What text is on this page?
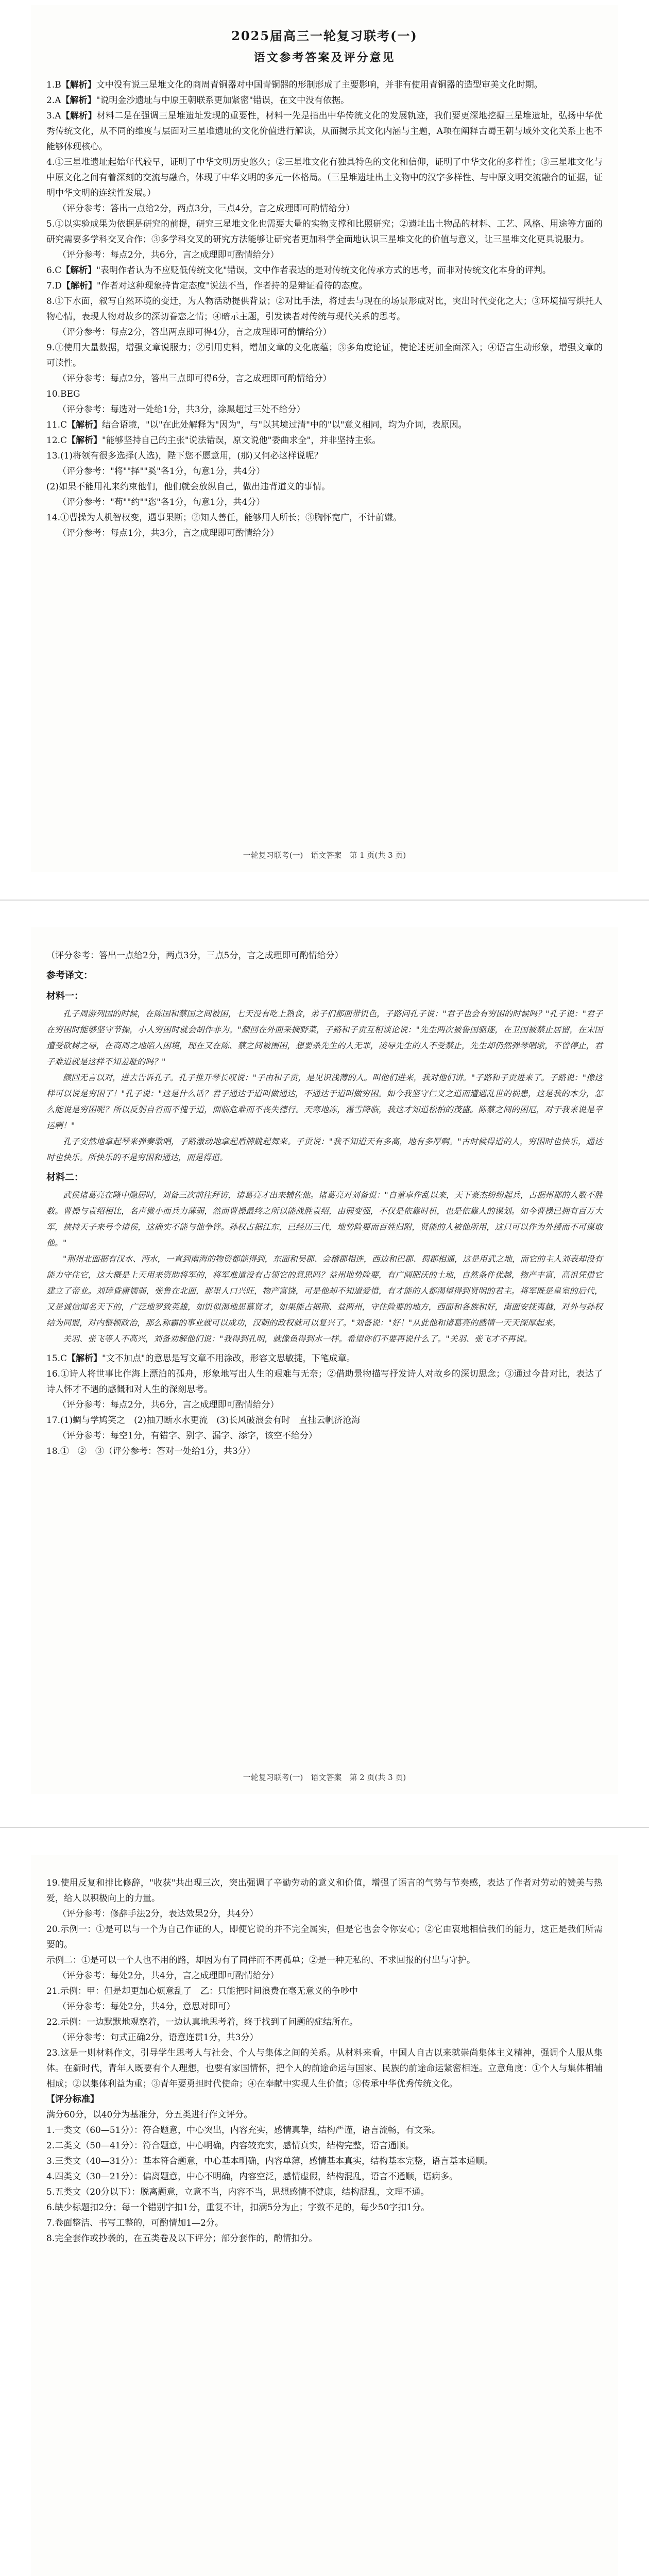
2025届高三一轮复习联考(一)
语文参考答案及评分意见

1.B【解析】文中没有说三星堆文化的商周青铜器对中国青铜器的形制形成了主要影响，并非有使用青铜器的造型审美文化时期。

2.A【解析】"说明金沙遗址与中原王朝联系更加紧密"错误，在文中没有依据。

3.A【解析】材料二是在强调三星堆遗址发现的重要性，材料一先是指出中华传统文化的发展轨迹，我们要更深地挖掘三星堆遗址，弘扬中华优秀传统文化，从不同的维度与层面对三星堆遗址的文化价值进行解读，从而揭示其文化内涵与主题，A项在阐释古蜀王朝与域外文化关系上也不能够体现核心。

4.①三星堆遗址起始年代较早，证明了中华文明历史悠久；②三星堆文化有独具特色的文化和信仰，证明了中华文化的多样性；③三星堆文化与中原文化之间有着深刻的交流与融合，体现了中华文明的多元一体格局。（三星堆遗址出土文物中的汉字多样性、与中原文明交流融合的证据，证明中华文明的连续性发展。）

（评分参考：答出一点给2分，两点3分，三点4分，言之成理即可酌情给分）

5.①以实验成果为依据是研究的前提，研究三星堆文化也需要大量的实物支撑和比照研究；②遗址出土物品的材料、工艺、风格、用途等方面的研究需要多学科交叉合作；③多学科交叉的研究方法能够让研究者更加科学全面地认识三星堆文化的价值与意义，让三星堆文化更具说服力。

（评分参考：每点2分，共6分，言之成理即可酌情给分）

6.C【解析】"表明作者认为不应贬低传统文化"错误，文中作者表达的是对传统文化传承方式的思考，而非对传统文化本身的评判。

7.D【解析】"作者对这种现象持肯定态度"说法不当，作者持的是辩证看待的态度。

8.①下水面，叙写自然环境的变迁，为人物活动提供背景；②对比手法，将过去与现在的场景形成对比，突出时代变化之大；③环境描写烘托人物心情，表现人物对故乡的深切眷恋之情；④暗示主题，引发读者对传统与现代关系的思考。

（评分参考：每点2分，答出两点即可得4分，言之成理即可酌情给分）

9.①使用大量数据，增强文章说服力；②引用史料，增加文章的文化底蕴；③多角度论证，使论述更加全面深入；④语言生动形象，增强文章的可读性。

（评分参考：每点2分，答出三点即可得6分，言之成理即可酌情给分）

10.BEG

（评分参考：每选对一处给1分，共3分，涂黑超过三处不给分）

11.C【解析】结合语境，"以"在此处解释为"因为"，与"以其境过清"中的"以"意义相同，均为介词，表原因。

12.C【解析】"能够坚持自己的主张"说法错误，原文说他"委曲求全"，并非坚持主张。

13.(1)将领有很多选择(人选)，陛下您不愿意用，(那)又何必这样说呢？

（评分参考："将""择""奚"各1分，句意1分，共4分）

(2)如果不能用礼来约束他们，他们就会放纵自己，做出违背道义的事情。

（评分参考："苟""约""恣"各1分，句意1分，共4分）

14.①曹操为人机智权变，遇事果断；②知人善任，能够用人所长；③胸怀宽广，不计前嫌。

（评分参考：每点1分，共3分，言之成理即可酌情给分）

一轮复习联考(一)　语文答案　第 1 页(共 3 页)

（评分参考：答出一点给2分，两点3分，三点5分，言之成理即可酌情给分）

参考译文：
材料一：

孔子周游列国的时候，在陈国和蔡国之间被困，七天没有吃上熟食，弟子们都面带饥色，子路问孔子说："君子也会有穷困的时候吗？"孔子说："君子在穷困时能够坚守节操，小人穷困时就会胡作非为。"颜回在外面采摘野菜，子路和子贡互相谈论说："先生两次被鲁国驱逐，在卫国被禁止居留，在宋国遭受砍树之辱，在商周之地陷入困境，现在又在陈、蔡之间被围困，想要杀先生的人无罪，凌辱先生的人不受禁止，先生却仍然弹琴唱歌，不曾停止，君子难道就是这样不知羞耻的吗？"

颜回无言以对，进去告诉孔子。孔子推开琴长叹说："子由和子贡，是见识浅薄的人。叫他们进来，我对他们讲。"子路和子贡进来了。子路说："像这样可以说是穷困了！"孔子说："这是什么话？君子通达于道叫做通达，不通达于道叫做穷困。如今我坚守仁义之道而遭遇乱世的祸患，这是我的本分，怎么能说是穷困呢？所以反躬自省而不愧于道，面临危难而不丧失德行。天寒地冻，霜雪降临，我这才知道松柏的茂盛。陈蔡之间的困厄，对于我来说是幸运啊！"

孔子安然地拿起琴来弹奏歌唱，子路激动地拿起盾牌跳起舞来。子贡说："我不知道天有多高，地有多厚啊。"古时候得道的人，穷困时也快乐，通达时也快乐。所快乐的不是穷困和通达，而是得道。

材料二：

武侯诸葛亮在隆中隐居时，刘备三次前往拜访，诸葛亮才出来辅佐他。诸葛亮对刘备说："自董卓作乱以来，天下豪杰纷纷起兵，占据州郡的人数不胜数。曹操与袁绍相比，名声微小而兵力薄弱，然而曹操最终之所以能战胜袁绍，由弱变强，不仅是依靠时机，也是依靠人的谋划。如今曹操已拥有百万大军，挟持天子来号令诸侯，这确实不能与他争锋。孙权占据江东，已经历三代，地势险要而百姓归附，贤能的人被他所用，这只可以作为外援而不可谋取他。"

"荆州北面据有汉水、沔水，一直到南海的物资都能得到，东面和吴郡、会稽郡相连，西边和巴郡、蜀郡相通，这是用武之地，而它的主人刘表却没有能力守住它，这大概是上天用来资助将军的，将军难道没有占领它的意思吗？益州地势险要，有广阔肥沃的土地，自然条件优越，物产丰富，高祖凭借它建立了帝业。刘璋昏庸懦弱，张鲁在北面，那里人口兴旺，物产富饶，可是他却不知道爱惜，有才能的人都渴望得到贤明的君主。将军既是皇室的后代，又是诚信闻名天下的，广泛地罗致英雄，如饥似渴地思慕贤才，如果能占据荆、益两州，守住险要的地方，西面和各族和好，南面安抚夷越，对外与孙权结为同盟，对内整顿政治，那么称霸的事业就可以成功，汉朝的政权就可以复兴了。"刘备说："好！"从此他和诸葛亮的感情一天天深厚起来。

关羽、张飞等人不高兴，刘备劝解他们说："我得到孔明，就像鱼得到水一样。希望你们不要再说什么了。"关羽、张飞才不再说。

15.C【解析】"文不加点"的意思是写文章不用涂改，形容文思敏捷，下笔成章。

16.①诗人将世事比作海上漂泊的孤舟，形象地写出人生的艰难与无奈；②借助景物描写抒发诗人对故乡的深切思念；③通过今昔对比，表达了诗人怀才不遇的感慨和对人生的深刻思考。

（评分参考：每点2分，共6分，言之成理即可酌情给分）

17.(1)蜩与学鸠笑之　(2)抽刀断水水更流　(3)长风破浪会有时　直挂云帆济沧海

（评分参考：每空1分，有错字、别字、漏字、添字，该空不给分）

18.①　②　③（评分参考：答对一处给1分，共3分）

一轮复习联考(一)　语文答案　第 2 页(共 3 页)

19.使用反复和排比修辞，"收获"共出现三次，突出强调了辛勤劳动的意义和价值，增强了语言的气势与节奏感，表达了作者对劳动的赞美与热爱，给人以积极向上的力量。

（评分参考：修辞手法2分，表达效果2分，共4分）

20.示例一：①是可以与一个为自己作证的人，即便它说的并不完全属实，但是它也会令你安心；②它由衷地相信我们的能力，这正是我们所需要的。

示例二：①是可以一个人也不用的路，却因为有了同伴而不再孤单；②是一种无私的、不求回报的付出与守护。

（评分参考：每处2分，共4分，言之成理即可酌情给分）

21.示例：甲：但是却更加心烦意乱了　乙：只能把时间浪费在毫无意义的争吵中

（评分参考：每处2分，共4分，意思对即可）

22.示例：一边默默地观察着，一边认真地思考着，终于找到了问题的症结所在。

（评分参考：句式正确2分，语意连贯1分，共3分）

23.这是一则材料作文，引导学生思考人与社会、个人与集体之间的关系。从材料来看，中国人自古以来就崇尚集体主义精神，强调个人服从集体。在新时代，青年人既要有个人理想，也要有家国情怀，把个人的前途命运与国家、民族的前途命运紧密相连。立意角度：①个人与集体相辅相成；②以集体利益为重；③青年要勇担时代使命；④在奉献中实现人生价值；⑤传承中华优秀传统文化。

【评分标准】

满分60分，以40分为基准分，分五类进行作文评分。

1.一类文（60—51分）：符合题意，中心突出，内容充实，感情真挚，结构严谨，语言流畅，有文采。

2.二类文（50—41分）：符合题意，中心明确，内容较充实，感情真实，结构完整，语言通顺。

3.三类文（40—31分）：基本符合题意，中心基本明确，内容单薄，感情基本真实，结构基本完整，语言基本通顺。

4.四类文（30—21分）：偏离题意，中心不明确，内容空泛，感情虚假，结构混乱，语言不通顺，语病多。

5.五类文（20分以下）：脱离题意，立意不当，内容不当，思想感情不健康，结构混乱，文理不通。

6.缺少标题扣2分；每一个错别字扣1分，重复不计，扣满5分为止；字数不足的，每少50字扣1分。

7.卷面整洁、书写工整的，可酌情加1—2分。

8.完全套作或抄袭的，在五类卷及以下评分；部分套作的，酌情扣分。
